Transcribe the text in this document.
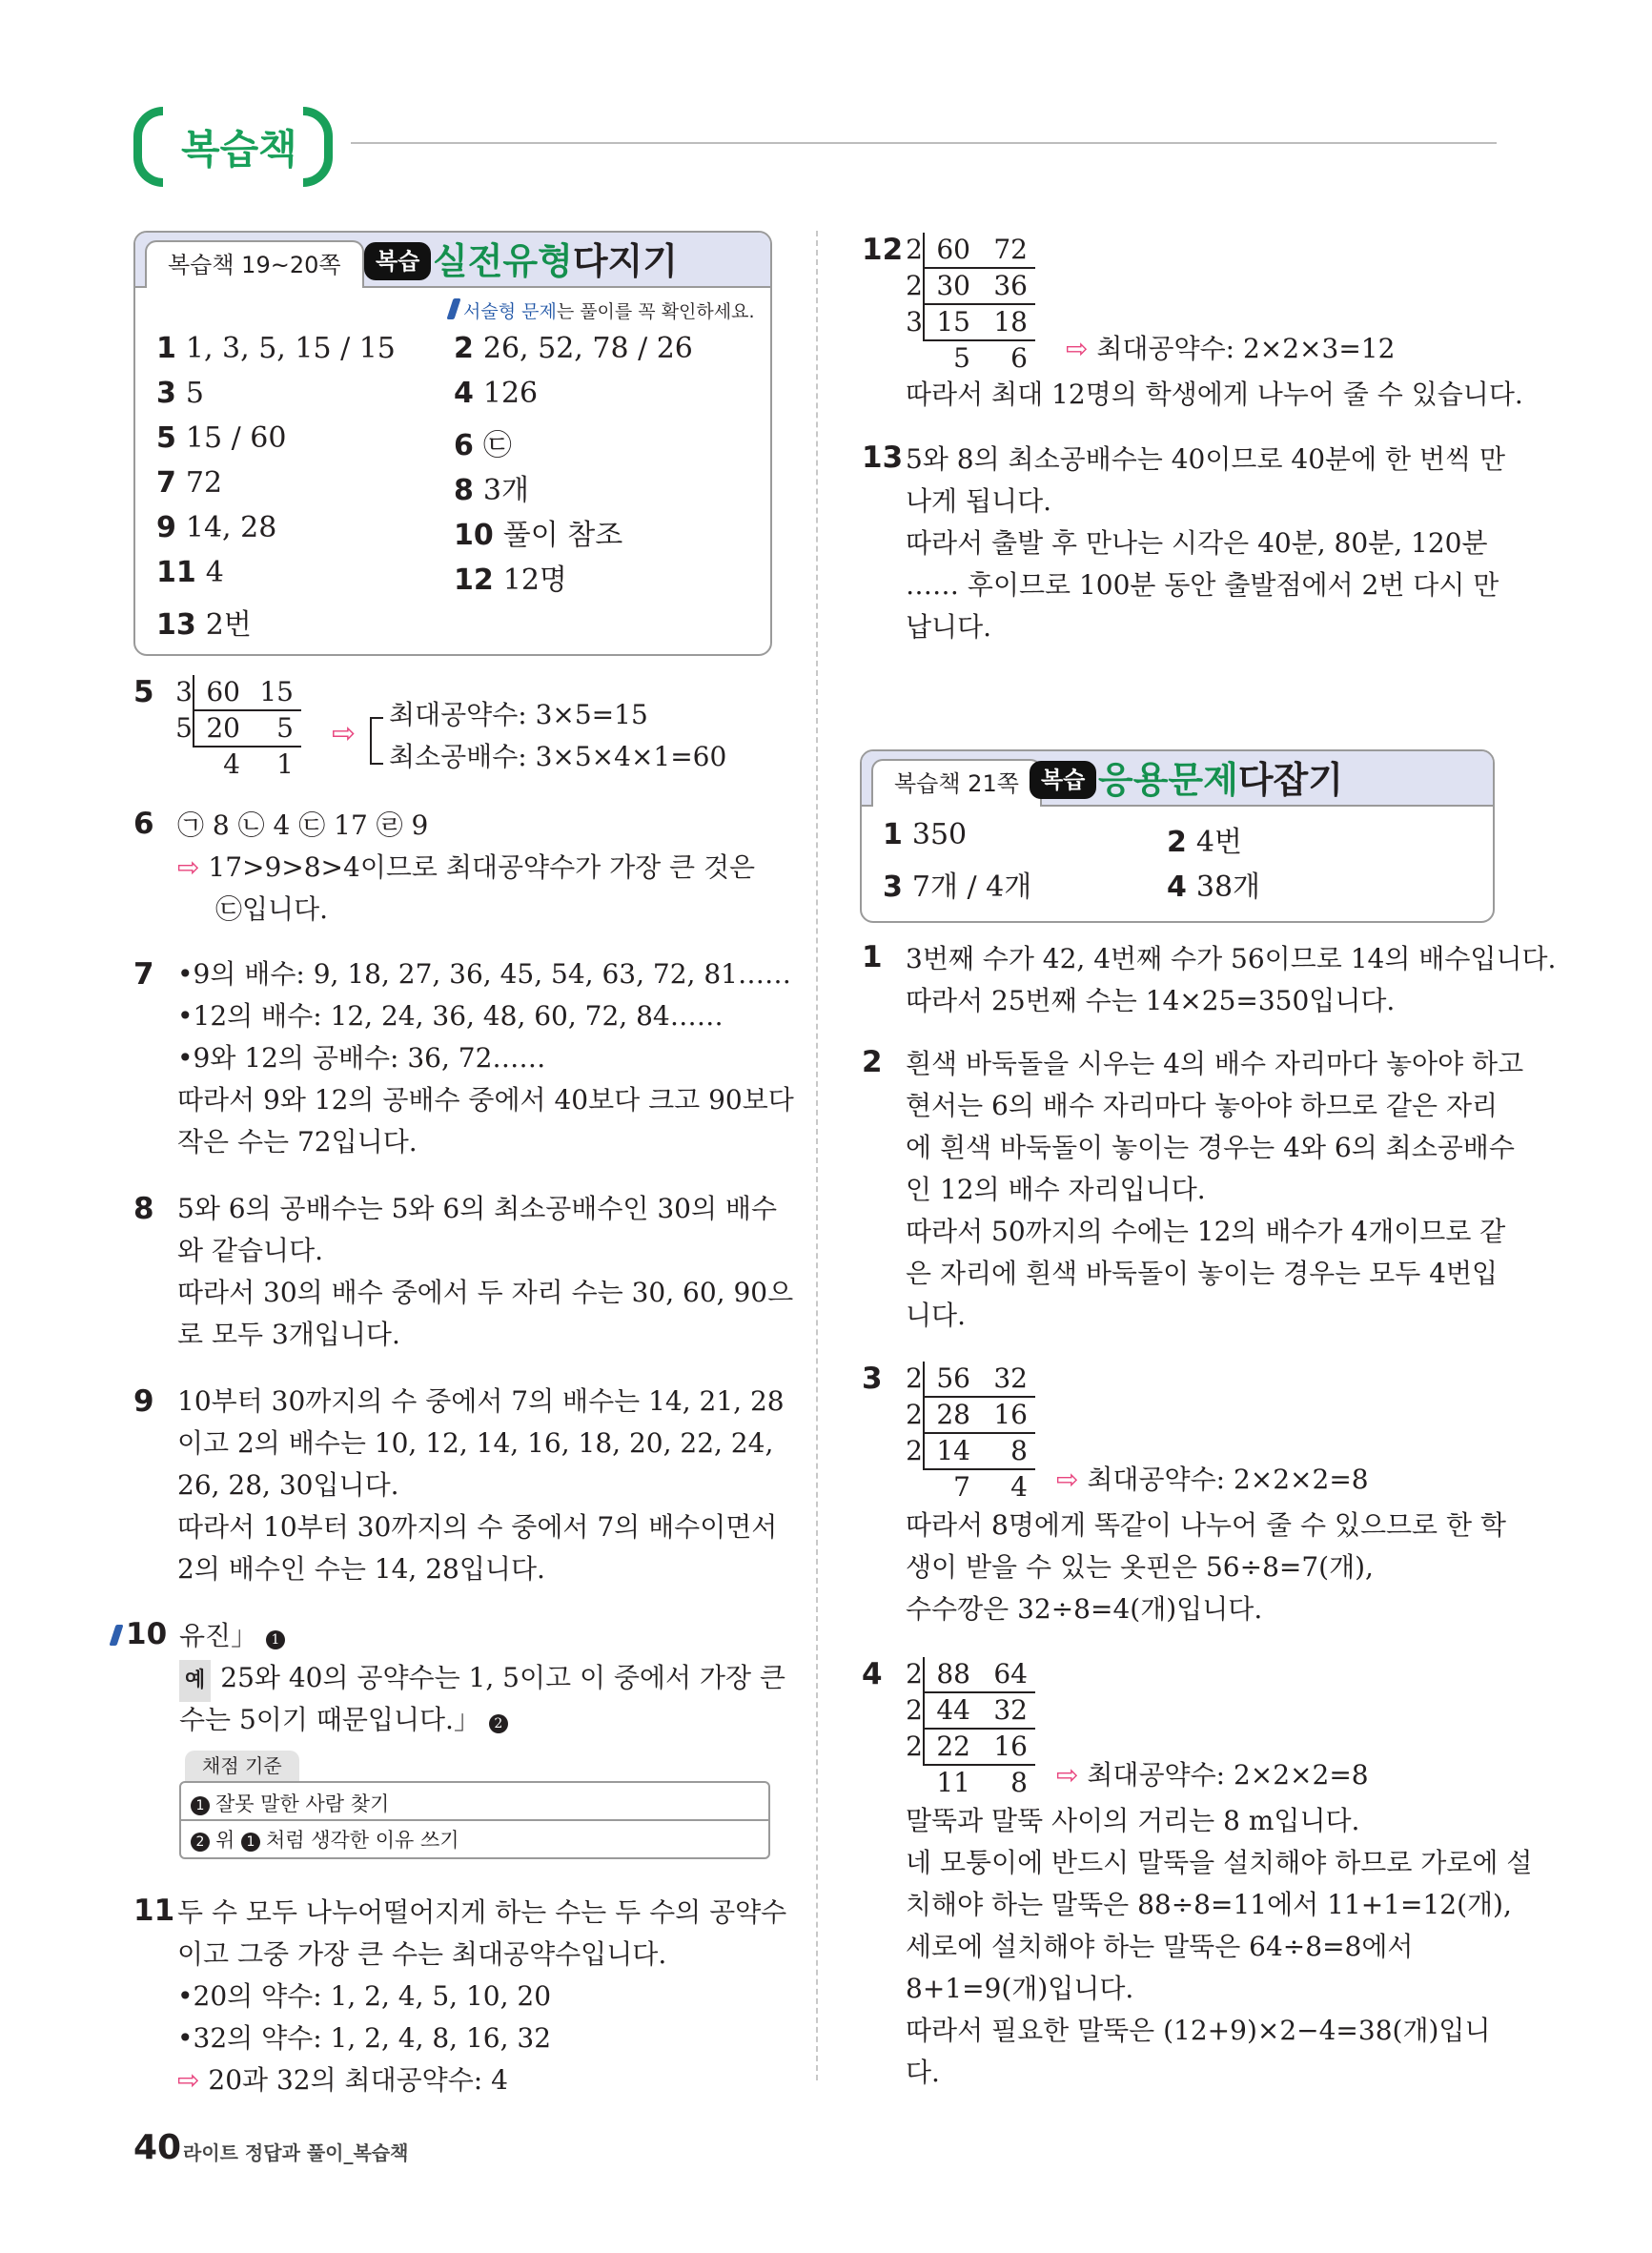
복습책
복습책 19~20쪽	복습 실전유형다지기
서술형 문제는 풀이를 꼭 확인하세요.
1 1, 3, 5, 15 / 15 2 26, 52, 78 / 26
3 5	4 126
5 15 / 60	6 ㉢
7 72	8 3개
9 14, 28	10 풀이 참조
11 4	12 12명
13 2번
5 3 60 15
5 20 5
4 1
⇨
최대공약수: 3×5=15
최소공배수: 3×5×4×1=60
6 ㉠ 8 ㉡ 4 ㉢ 17 ㉣ 9
⇨ 17>9>8>4이므로 최대공약수가 가장 큰 것은
㉢입니다.
7 •9의 배수: 9, 18, 27, 36, 45, 54, 63, 72, 81……
•12의 배수: 12, 24, 36, 48, 60, 72, 84……
•9와 12의 공배수: 36, 72……
따라서 9와 12의 공배수 중에서 40보다 크고 90보다
작은 수는 72입니다.
8 5와 6의 공배수는 5와 6의 최소공배수인 30의 배수
와 같습니다.
따라서 30의 배수 중에서 두 자리 수는 30, 60, 90으
로 모두 3개입니다.
9 10부터 30까지의 수 중에서 7의 배수는 14, 21, 28
이고 2의 배수는 10, 12, 14, 16, 18, 20, 22, 24,
26, 28, 30입니다.
따라서 10부터 30까지의 수 중에서 7의 배수이면서
2의 배수인 수는 14, 28입니다.
10 유진」 1
예 25와 40의 공약수는 1, 5이고 이 중에서 가장 큰
수는 5이기 때문입니다.」 2
채점 기준
1 잘못 말한 사람 찾기
2 위 1 처럼 생각한 이유 쓰기
11 두 수 모두 나누어떨어지게 하는 수는 두 수의 공약수
이고 그중 가장 큰 수는 최대공약수입니다.
•20의 약수: 1, 2, 4, 5, 10, 20
•32의 약수: 1, 2, 4, 8, 16, 32
⇨ 20과 32의 최대공약수: 4
12 2 60 72
2 30 36
3 15 18
5 6	⇨ 최대공약수: 2×2×3=12
따라서 최대 12명의 학생에게 나누어 줄 수 있습니다.
13 5와 8의 최소공배수는 40이므로 40분에 한 번씩 만
나게 됩니다.
따라서 출발 후 만나는 시각은 40분, 80분, 120분
…… 후이므로 100분 동안 출발점에서 2번 다시 만
납니다.
복습책 21쪽 복습 응용문제다잡기
1 350	2 4번
3 7개 / 4개	4 38개
1 3번째 수가 42, 4번째 수가 56이므로 14의 배수입니다.
따라서 25번째 수는 14×25=350입니다.
2 흰색 바둑돌을 시우는 4의 배수 자리마다 놓아야 하고
현서는 6의 배수 자리마다 놓아야 하므로 같은 자리
에 흰색 바둑돌이 놓이는 경우는 4와 6의 최소공배수
인 12의 배수 자리입니다.
따라서 50까지의 수에는 12의 배수가 4개이므로 같
은 자리에 흰색 바둑돌이 놓이는 경우는 모두 4번입
니다.
3 2 56 32
2 28 16
2 14 8
7 4	⇨ 최대공약수: 2×2×2=8
따라서 8명에게 똑같이 나누어 줄 수 있으므로 한 학
생이 받을 수 있는 옷핀은 56÷8=7(개),
수수깡은 32÷8=4(개)입니다.
4 2 88 64
2 44 32
2 22 16
11 8	⇨ 최대공약수: 2×2×2=8
말뚝과 말뚝 사이의 거리는 8 m입니다.
네 모퉁이에 반드시 말뚝을 설치해야 하므로 가로에 설
치해야 하는 말뚝은 88÷8=11에서 11+1=12(개),
세로에 설치해야 하는 말뚝은 64÷8=8에서
8+1=9(개)입니다.
따라서 필요한 말뚝은 (12+9)×2−4=38(개)입니
다.
40 라이트 정답과 풀이_복습책
